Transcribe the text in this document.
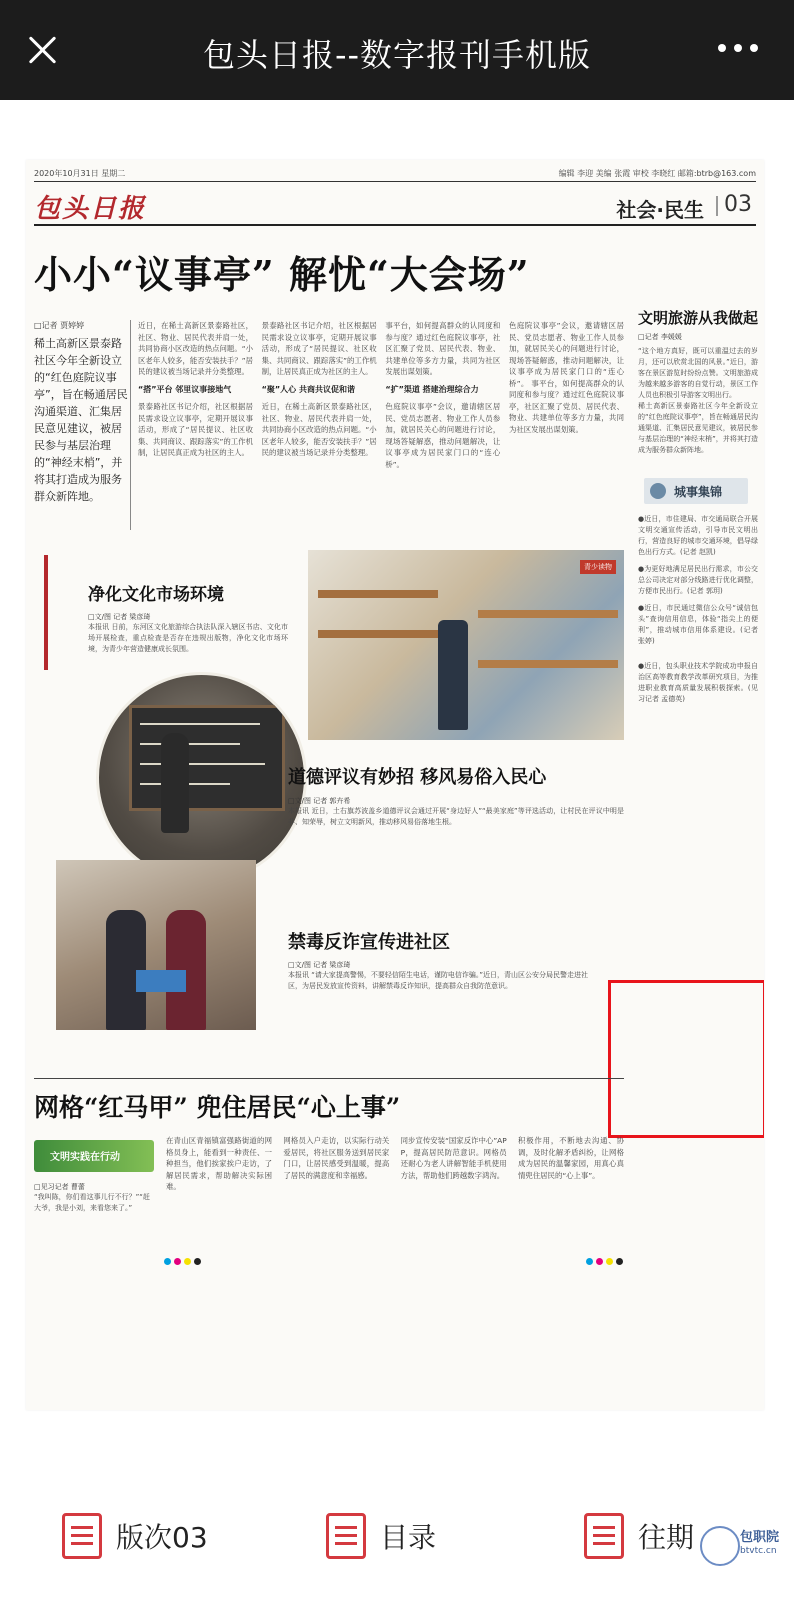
包头日报--数字报刊手机版
2020年10月31日 星期二	编辑 李迎 美编 张霞 审校 李晓红 邮箱:btrb@163.com
包头日报	社会·民生 03
小小“议事亭” 解忧“大会场”
□记者 贾婷婷
稀土高新区景泰路社区今年全新设立的“红色庭院议事亭”，旨在畅通居民沟通渠道、汇集居民意见建议，被居民参与基层治理的“神经末梢”，并将其打造成为服务群众新阵地。
近日，在稀土高新区景泰路社区，社区、物业、居民代表并肩一处，共同协商小区改造的热点问题。“小区老年人较多，能否安装扶手？”居民的建议被当场记录并分类整理。
“搭”平台 邻里议事接地气
景泰路社区书记介绍，社区根据居民需求设立议事亭，定期开展议事活动，形成了“居民提议、社区收集、共同商议、跟踪落实”的工作机制，让居民真正成为社区的主人。
景泰路社区书记介绍，社区根据居民需求设立议事亭，定期开展议事活动，形成了“居民提议、社区收集、共同商议、跟踪落实”的工作机制，让居民真正成为社区的主人。
“聚”人心 共商共议促和谐
近日，在稀土高新区景泰路社区，社区、物业、居民代表并肩一处，共同协商小区改造的热点问题。“小区老年人较多，能否安装扶手？”居民的建议被当场记录并分类整理。
事平台，如何提高群众的认同度和参与度？通过红色庭院议事亭，社区汇聚了党员、居民代表、物业、共建单位等多方力量，共同为社区发展出谋划策。
“扩”渠道 搭建治理综合力
色庭院议事亭”会议，邀请辖区居民、党员志愿者、物业工作人员参加，就居民关心的问题进行讨论，现场答疑解惑，推动问题解决，让议事亭成为居民家门口的“连心桥”。
色庭院议事亭”会议，邀请辖区居民、党员志愿者、物业工作人员参加，就居民关心的问题进行讨论，现场答疑解惑，推动问题解决，让议事亭成为居民家门口的“连心桥”。 事平台，如何提高群众的认同度和参与度？通过红色庭院议事亭，社区汇聚了党员、居民代表、物业、共建单位等多方力量，共同为社区发展出谋划策。
文明旅游从我做起
□记者 李媛媛
“这个地方真好，既可以重温过去的岁月，还可以欣赏北国的风景。”近日，游客在景区游览时纷纷点赞。文明旅游成为越来越多游客的自觉行动，景区工作人员也积极引导游客文明出行。
稀土高新区景泰路社区今年全新设立的“红色庭院议事亭”，旨在畅通居民沟通渠道、汇集居民意见建议，被居民参与基层治理的“神经末梢”，并将其打造成为服务群众新阵地。
城事集锦
●近日，市住建局、市交通局联合开展文明交通宣传活动，引导市民文明出行，营造良好的城市交通环境，倡导绿色出行方式。(记者 赵凯)
●为更好地满足居民出行需求，市公交总公司决定对部分线路进行优化调整，方便市民出行。(记者 郭玥)
●近日，市民通过微信公众号“诚信包头”查询信用信息，体验“指尖上的便利”，推动城市信用体系建设。(记者 张婷)
●近日，包头职业技术学院成功申报自治区高等教育教学改革研究项目，为推进职业教育高质量发展积极探索。(见习记者 孟德英)
净化文化市场环境
□文/图 记者 梁彦琦
本报讯 日前，东河区文化旅游综合执法队深入辖区书店、文化市场开展检查，重点检查是否存在违规出版物，净化文化市场环境，为青少年营造健康成长氛围。
青少读物
道德评议有妙招 移风易俗入民心
□文/图 记者 郭卉希
本报讯 近日，土右旗苏波盖乡道德评议会通过开展“身边好人”“最美家庭”等评选活动，让村民在评议中明是非、知荣辱，树立文明新风，推动移风易俗落地生根。
禁毒反诈宣传进社区
□文/图 记者 梁彦琦
本报讯 “请大家提高警惕，不要轻信陌生电话，谨防电信诈骗。”近日，青山区公安分局民警走进社区，为居民发放宣传资料，讲解禁毒反诈知识，提高群众自我防范意识。
网格“红马甲” 兜住居民“心上事”
文明实践在行动
□见习记者 曹蕾
“我叫陈，你们看这事儿行不行？”“赶大爷，我是小刘，来看您来了。”
在青山区青福镇富强路街道的网格员身上，能看到一种责任、一种担当，他们挨家挨户走访，了解居民需求，帮助解决实际困难。
网格员入户走访，以实际行动关爱居民，将社区服务送到居民家门口，让居民感受到温暖，提高了居民的满意度和幸福感。
同步宣传安装“国家反诈中心”APP，提高居民防范意识。网格员还耐心为老人讲解智能手机使用方法，帮助他们跨越数字鸿沟。
积极作用，不断地去沟通、协调，及时化解矛盾纠纷，让网格成为居民的温馨家园，用真心真情兜住居民的“心上事”。
版次03	目录	往期	包职院
btvtc.cn
